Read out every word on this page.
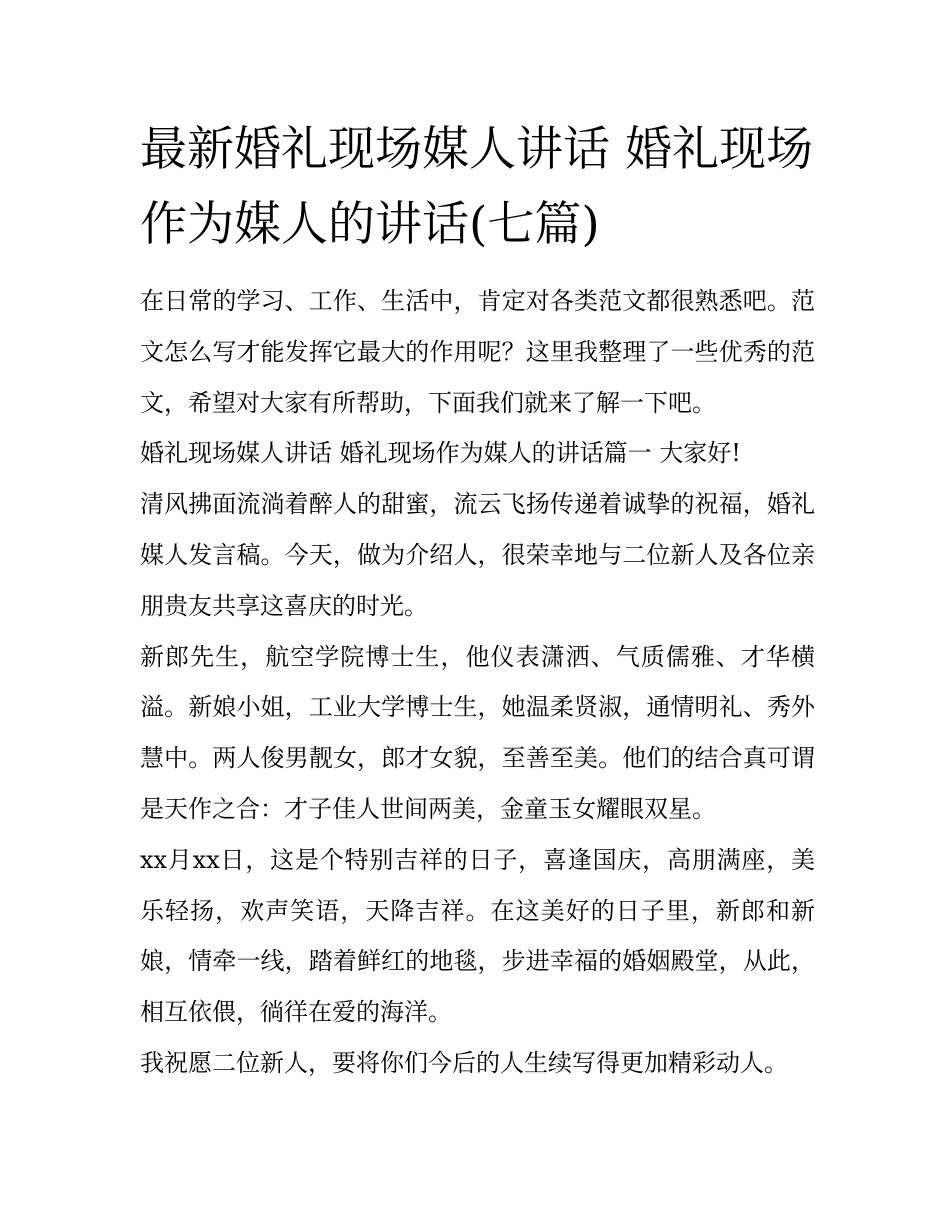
最新婚礼现场媒人讲话 婚礼现场作为媒人的讲话(七篇)

在日常的学习、工作、生活中，肯定对各类范文都很熟悉吧。范文怎么写才能发挥它最大的作用呢？这里我整理了一些优秀的范文，希望对大家有所帮助，下面我们就来了解一下吧。

婚礼现场媒人讲话 婚礼现场作为媒人的讲话篇一 大家好!

清风拂面流淌着醉人的甜蜜，流云飞扬传递着诚挚的祝福，婚礼媒人发言稿。今天，做为介绍人，很荣幸地与二位新人及各位亲朋贵友共享这喜庆的时光。

新郎先生，航空学院博士生，他仪表潇洒、气质儒雅、才华横溢。新娘小姐，工业大学博士生，她温柔贤淑，通情明礼、秀外慧中。两人俊男靓女，郎才女貌，至善至美。他们的结合真可谓是天作之合：才子佳人世间两美，金童玉女耀眼双星。

xx月xx日，这是个特别吉祥的日子，喜逢国庆，高朋满座，美乐轻扬，欢声笑语，天降吉祥。在这美好的日子里，新郎和新娘，情牵一线，踏着鲜红的地毯，步进幸福的婚姻殿堂，从此，相互依偎，徜徉在爱的海洋。

我祝愿二位新人，要将你们今后的人生续写得更加精彩动人。
